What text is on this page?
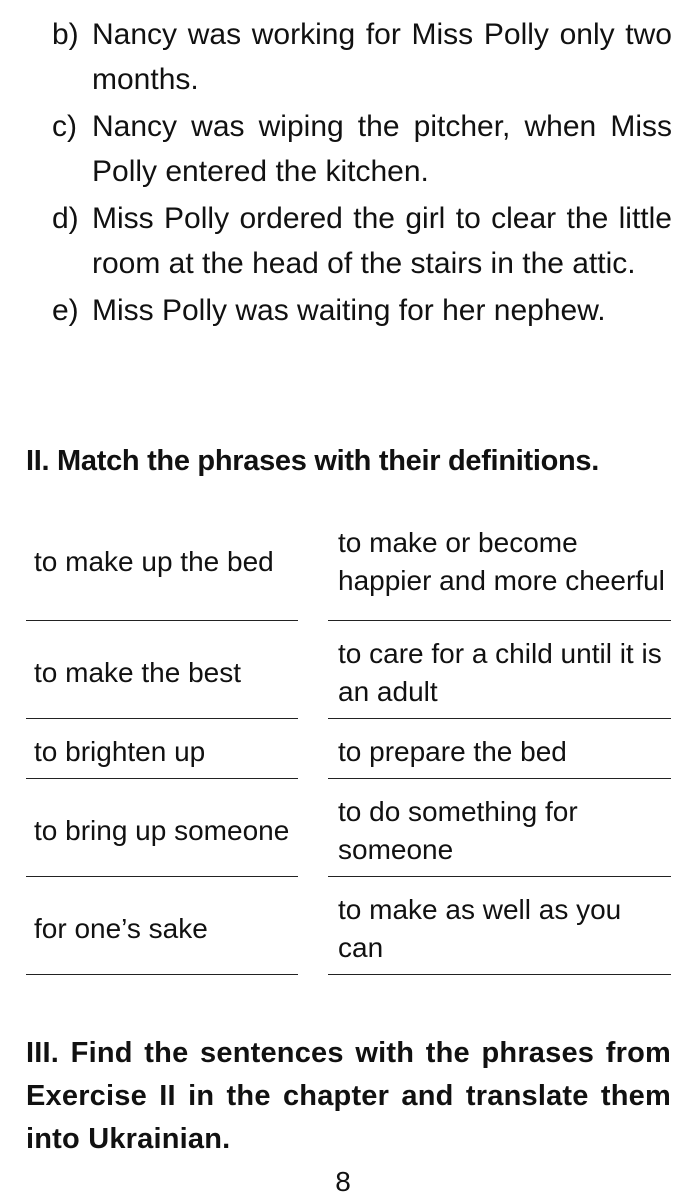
b) Nancy was working for Miss Polly only two months.
c) Nancy was wiping the pitcher, when Miss Polly entered the kitchen.
d) Miss Polly ordered the girl to clear the little room at the head of the stairs in the attic.
e) Miss Polly was waiting for her nephew.
II. Match the phrases with their definitions.
to make up the bed
to make or become happier and more cheerful
to make the best
to care for a child until it is an adult
to brighten up	to prepare the bed
to bring up someone
to do something for someone
for one’s sake
to make as well as you can
III. Find the sentences with the phrases from Exercise II in the chapter and translate them into Ukrainian.
8
